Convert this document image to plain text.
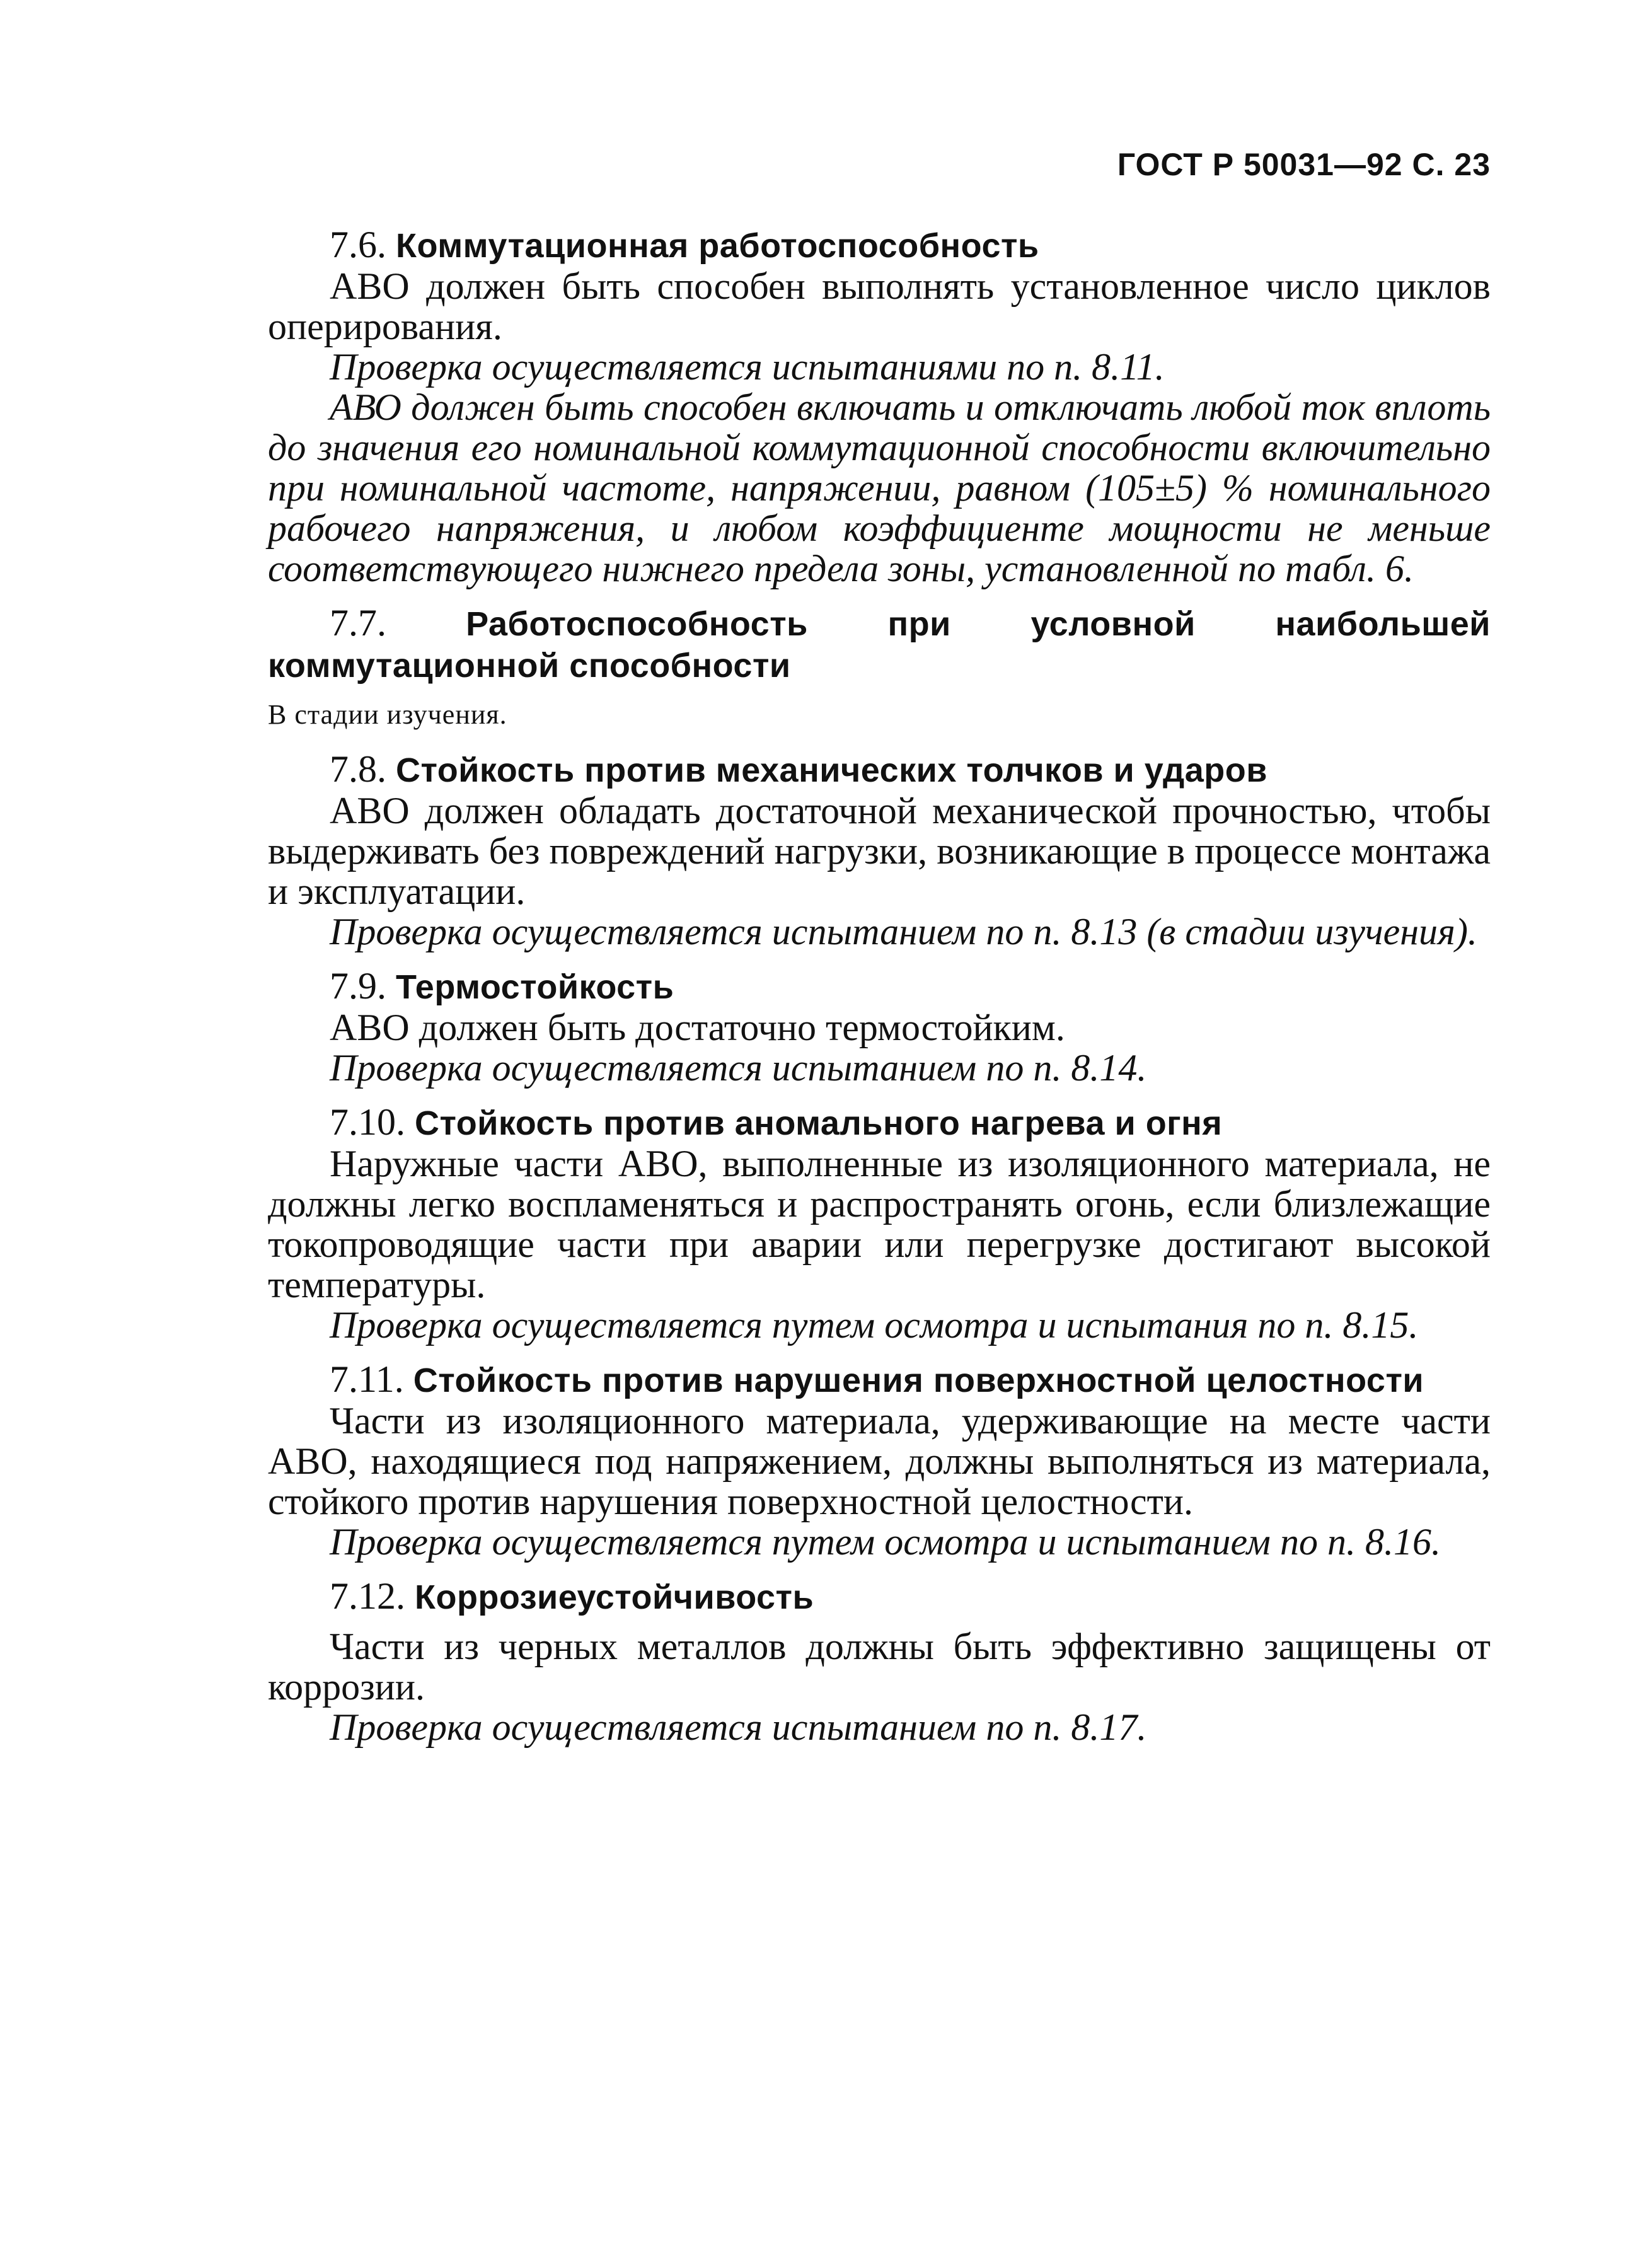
ГОСТ Р 50031—92 С. 23

7.6. Коммутационная работоспособность

АВО должен быть способен выполнять установленное число циклов оперирования.

Проверка осуществляется испытаниями по п. 8.11.

АВО должен быть способен включать и отключать любой ток вплоть до значения его номинальной коммутационной способности включительно при номинальной частоте, напряжении, равном (105±5) % номинального рабочего напряжения, и любом коэффициенте мощности не меньше соответствующего нижнего предела зоны, установленной по табл. 6.

7.7. Работоспособность при условной наибольшей коммутационной способности

В стадии изучения.

7.8. Стойкость против механических толчков и ударов

АВО должен обладать достаточной механической прочностью, чтобы выдерживать без повреждений нагрузки, возникающие в процессе монтажа и эксплуатации.

Проверка осуществляется испытанием по п. 8.13 (в стадии изучения).

7.9. Термостойкость

АВО должен быть достаточно термостойким.

Проверка осуществляется испытанием по п. 8.14.

7.10. Стойкость против аномального нагрева и огня

Наружные части АВО, выполненные из изоляционного материала, не должны легко воспламеняться и распространять огонь, если близлежащие токопроводящие части при аварии или перегрузке достигают высокой температуры.

Проверка осуществляется путем осмотра и испытания по п. 8.15.

7.11. Стойкость против нарушения поверхностной целостности

Части из изоляционного материала, удерживающие на месте части АВО, находящиеся под напряжением, должны выполняться из материала, стойкого против нарушения поверхностной целостности.

Проверка осуществляется путем осмотра и испытанием по п. 8.16.

7.12. Коррозиеустойчивость

Части из черных металлов должны быть эффективно защищены от коррозии.

Проверка осуществляется испытанием по п. 8.17.
